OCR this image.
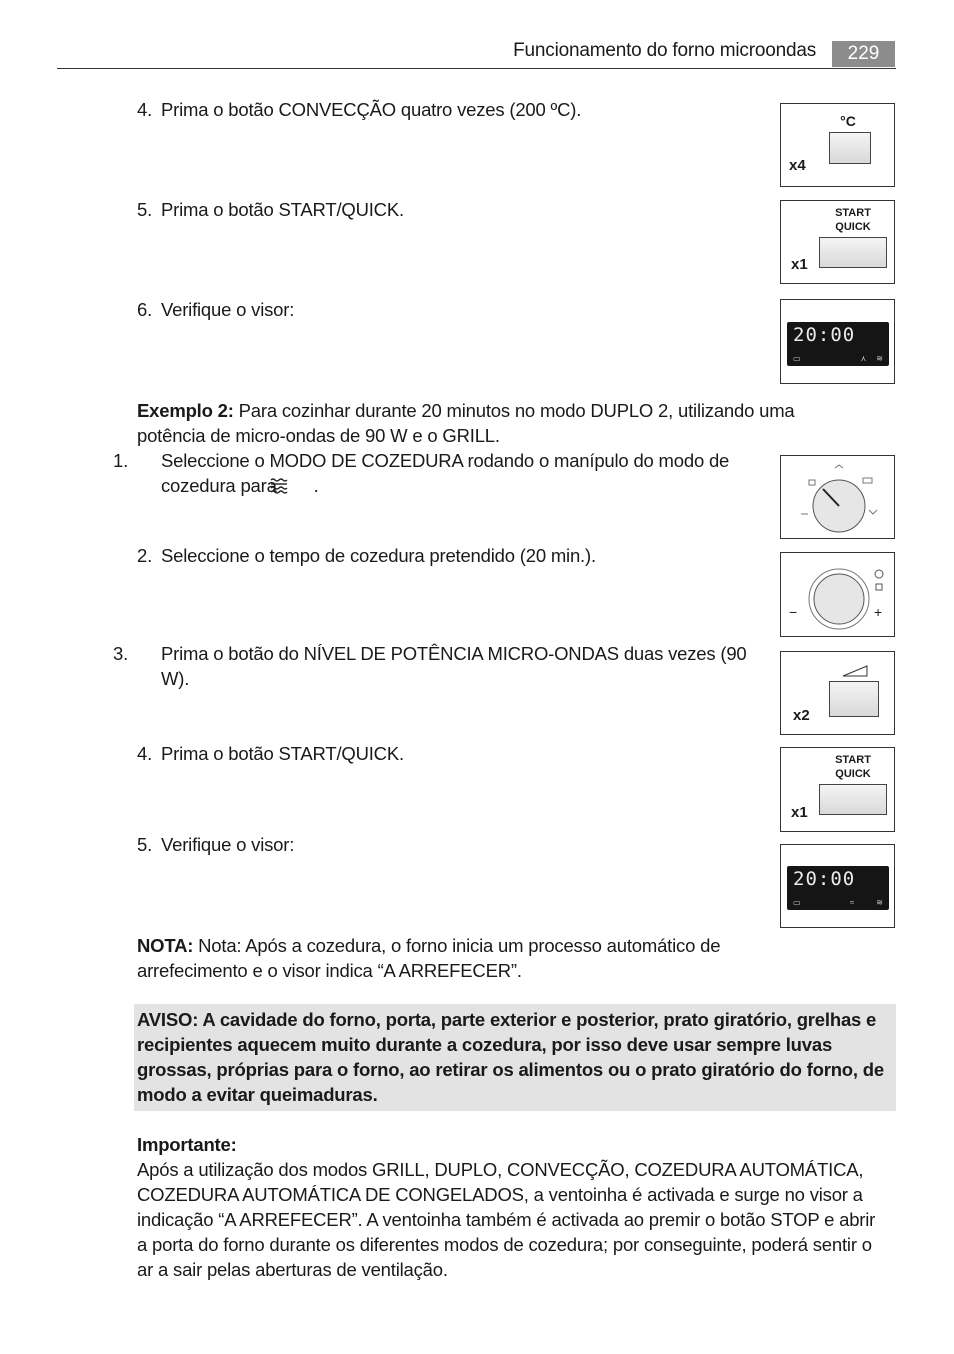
Funcionamento do forno microondas	229
4. Prima o botão CONVECÇÃO quatro vezes (200 ºC).
5. Prima o botão START/QUICK.
6. Verifique o visor:
Exemplo 2: Para cozinhar durante 20 minutos no modo DUPLO 2, utilizando uma potência de micro-ondas de 90 W e o GRILL.
1. Seleccione o MODO DE COZEDURA rodando o manípulo do modo de cozedura para .
2. Seleccione o tempo de cozedura pretendido (20 min.).
3. Prima o botão do NÍVEL DE POTÊNCIA MICRO-ONDAS duas vezes (90 W).
4. Prima o botão START/QUICK.
5. Verifique o visor:
NOTA: Nota: Após a cozedura, o forno inicia um processo automático de arrefecimento e o visor indica “A ARREFECER”.
AVISO: A cavidade do forno, porta, parte exterior e posterior, prato giratório, grelhas e recipientes aquecem muito durante a cozedura, por isso deve usar sempre luvas grossas, próprias para o forno, ao retirar os alimentos ou o prato giratório do forno, de modo a evitar queimaduras.
Importante:
Após a utilização dos modos GRILL, DUPLO, CONVECÇÃO, COZEDURA AUTOMÁTICA, COZEDURA AUTOMÁTICA DE CONGELADOS, a ventoinha é activada e surge no visor a indicação “A ARREFECER”. A ventoinha também é activada ao premir o botão STOP e abrir a porta do forno durante os diferentes modos de cozedura; por conseguinte, poderá sentir o ar a sair pelas aberturas de ventilação.
°C
x4
START
QUICK
x1
20:00
▭	⋏ ≋
−	+
x2
START
QUICK
x1
20:00
▭	≈	≋
